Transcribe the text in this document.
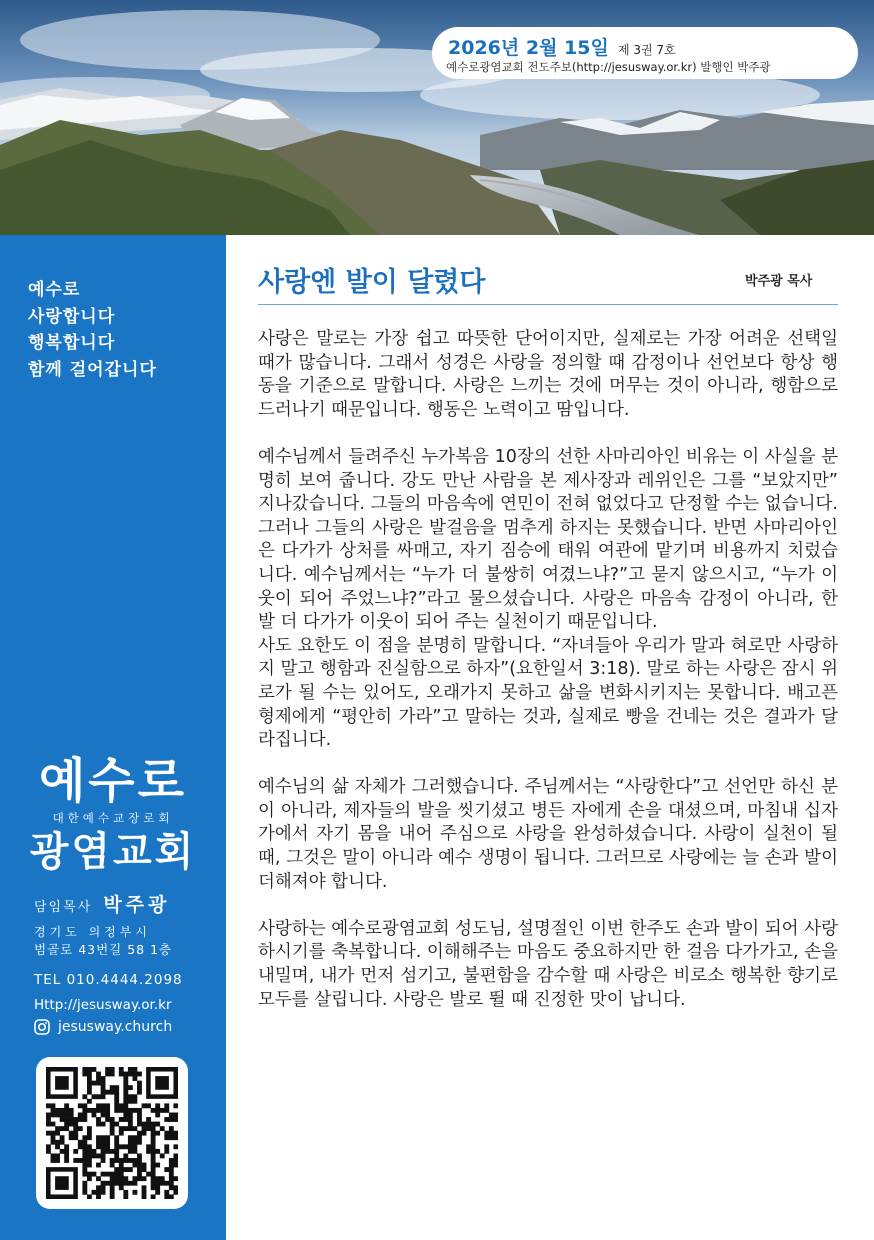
2026년 2월 15일 제 3권 7호
예수로광염교회 전도주보(http://jesusway.or.kr) 발행인 박주광
예수로
사랑합니다
행복합니다
함께 걸어갑니다
예수로
대한예수교장로회
광염교회
담임목사 박주광
경기도 의정부시
범골로 43번길 58 1층
TEL 010.4444.2098
Http://jesusway.or.kr
jesusway.church
사랑엔 발이 달렸다	박주광 목사

사랑은 말로는 가장 쉽고 따뜻한 단어이지만, 실제로는 가장 어려운 선택일 때가 많습니다. 그래서 성경은 사랑을 정의할 때 감정이나 선언보다 항상 행동을 기준으로 말합니다. 사랑은 느끼는 것에 머무는 것이 아니라, 행함으로 드러나기 때문입니다. 행동은 노력이고 땀입니다.

예수님께서 들려주신 누가복음 10장의 선한 사마리아인 비유는 이 사실을 분명히 보여 줍니다. 강도 만난 사람을 본 제사장과 레위인은 그를 “보았지만” 지나갔습니다. 그들의 마음속에 연민이 전혀 없었다고 단정할 수는 없습니다. 그러나 그들의 사랑은 발걸음을 멈추게 하지는 못했습니다. 반면 사마리아인은 다가가 상처를 싸매고, 자기 짐승에 태워 여관에 맡기며 비용까지 치렀습니다. 예수님께서는 “누가 더 불쌍히 여겼느냐?”고 묻지 않으시고, “누가 이웃이 되어 주었느냐?”라고 물으셨습니다. 사랑은 마음속 감정이 아니라, 한 발 더 다가가 이웃이 되어 주는 실천이기 때문입니다.

사도 요한도 이 점을 분명히 말합니다. “자녀들아 우리가 말과 혀로만 사랑하지 말고 행함과 진실함으로 하자”(요한일서 3:18). 말로 하는 사랑은 잠시 위로가 될 수는 있어도, 오래가지 못하고 삶을 변화시키지는 못합니다. 배고픈 형제에게 “평안히 가라”고 말하는 것과, 실제로 빵을 건네는 것은 결과가 달라집니다.

예수님의 삶 자체가 그러했습니다. 주님께서는 “사랑한다”고 선언만 하신 분이 아니라, 제자들의 발을 씻기셨고 병든 자에게 손을 대셨으며, 마침내 십자가에서 자기 몸을 내어 주심으로 사랑을 완성하셨습니다. 사랑이 실천이 될 때, 그것은 말이 아니라 예수 생명이 됩니다. 그러므로 사랑에는 늘 손과 발이 더해져야 합니다.

사랑하는 예수로광염교회 성도님, 설명절인 이번 한주도 손과 발이 되어 사랑하시기를 축복합니다. 이해해주는 마음도 중요하지만 한 걸음 다가가고, 손을 내밀며, 내가 먼저 섬기고, 불편함을 감수할 때 사랑은 비로소 행복한 향기로 모두를 살립니다. 사랑은 발로 뛸 때 진정한 맛이 납니다.
